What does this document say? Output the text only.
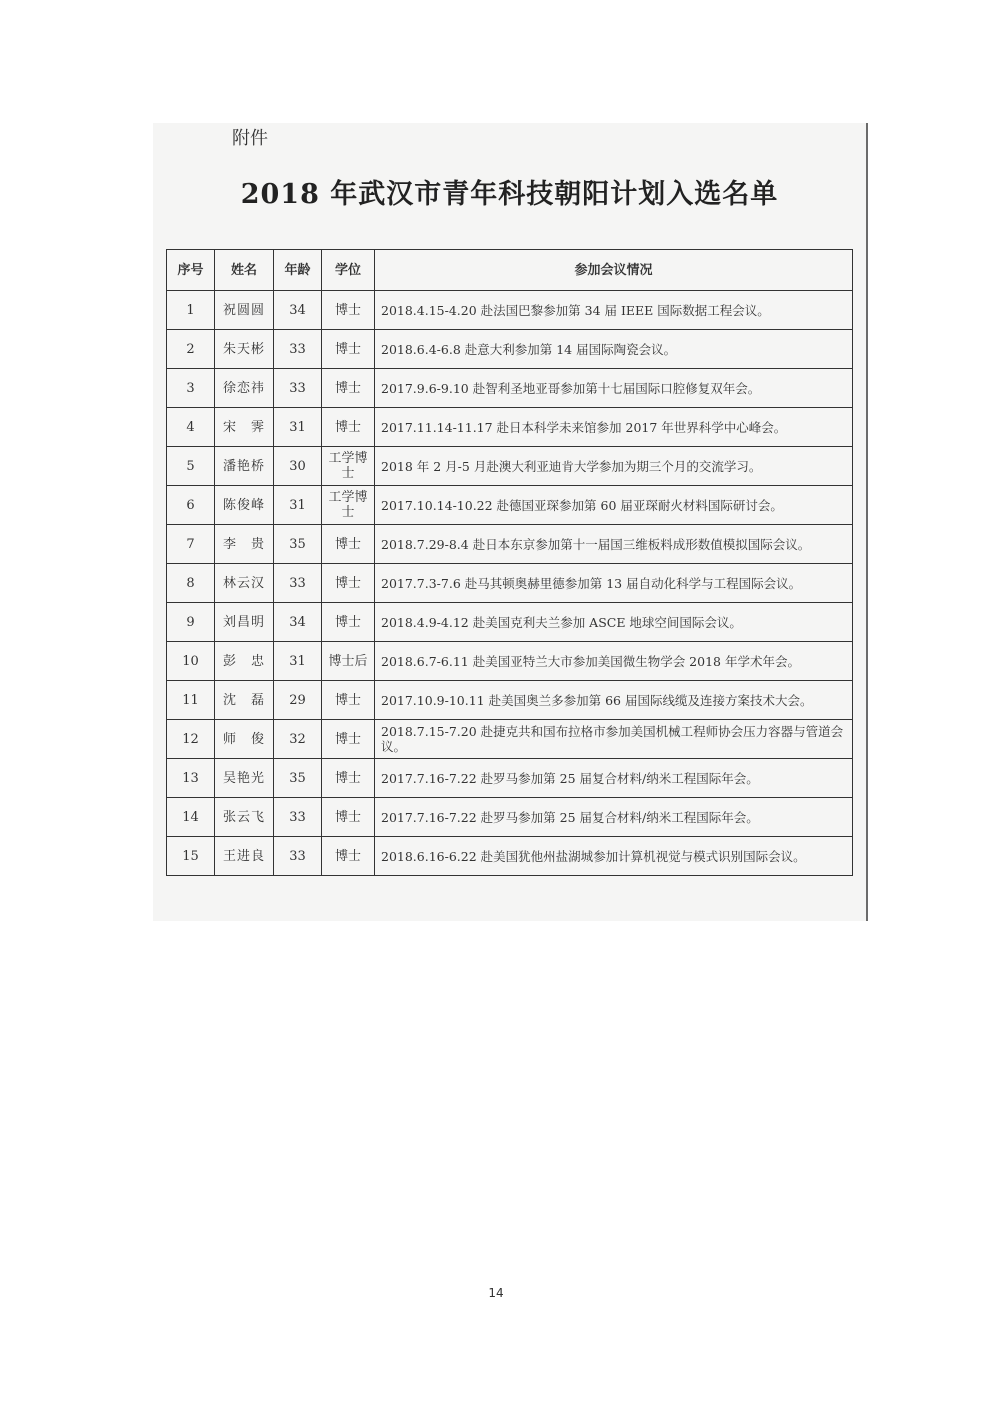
附件
2018 年武汉市青年科技朝阳计划入选名单
序号	姓名	年龄	学位	参加会议情况
1	祝圆圆	34	博士	2018.4.15-4.20 赴法国巴黎参加第 34 届 IEEE 国际数据工程会议。
2	朱天彬	33	博士	2018.6.4-6.8 赴意大利参加第 14 届国际陶瓷会议。
3	徐恋祎	33	博士	2017.9.6-9.10 赴智利圣地亚哥参加第十七届国际口腔修复双年会。
4	宋　霁	31	博士	2017.11.14-11.17 赴日本科学未来馆参加 2017 年世界科学中心峰会。
5	潘艳桥	30	工学博士	2018 年 2 月-5 月赴澳大利亚迪肯大学参加为期三个月的交流学习。
6	陈俊峰	31	工学博士	2017.10.14-10.22 赴德国亚琛参加第 60 届亚琛耐火材料国际研讨会。
7	李　贵	35	博士	2018.7.29-8.4 赴日本东京参加第十一届国三维板料成形数值模拟国际会议。
8	林云汉	33	博士	2017.7.3-7.6 赴马其顿奥赫里德参加第 13 届自动化科学与工程国际会议。
9	刘昌明	34	博士	2018.4.9-4.12 赴美国克利夫兰参加 ASCE 地球空间国际会议。
10	彭　忠	31	博士后	2018.6.7-6.11 赴美国亚特兰大市参加美国微生物学会 2018 年学术年会。
11	沈　磊	29	博士	2017.10.9-10.11 赴美国奥兰多参加第 66 届国际线缆及连接方案技术大会。
12	师　俊	32	博士	2018.7.15-7.20 赴捷克共和国布拉格市参加美国机械工程师协会压力容器与管道会议。
13	吴艳光	35	博士	2017.7.16-7.22 赴罗马参加第 25 届复合材料/纳米工程国际年会。
14	张云飞	33	博士	2017.7.16-7.22 赴罗马参加第 25 届复合材料/纳米工程国际年会。
15	王进良	33	博士	2018.6.16-6.22 赴美国犹他州盐湖城参加计算机视觉与模式识别国际会议。
14
